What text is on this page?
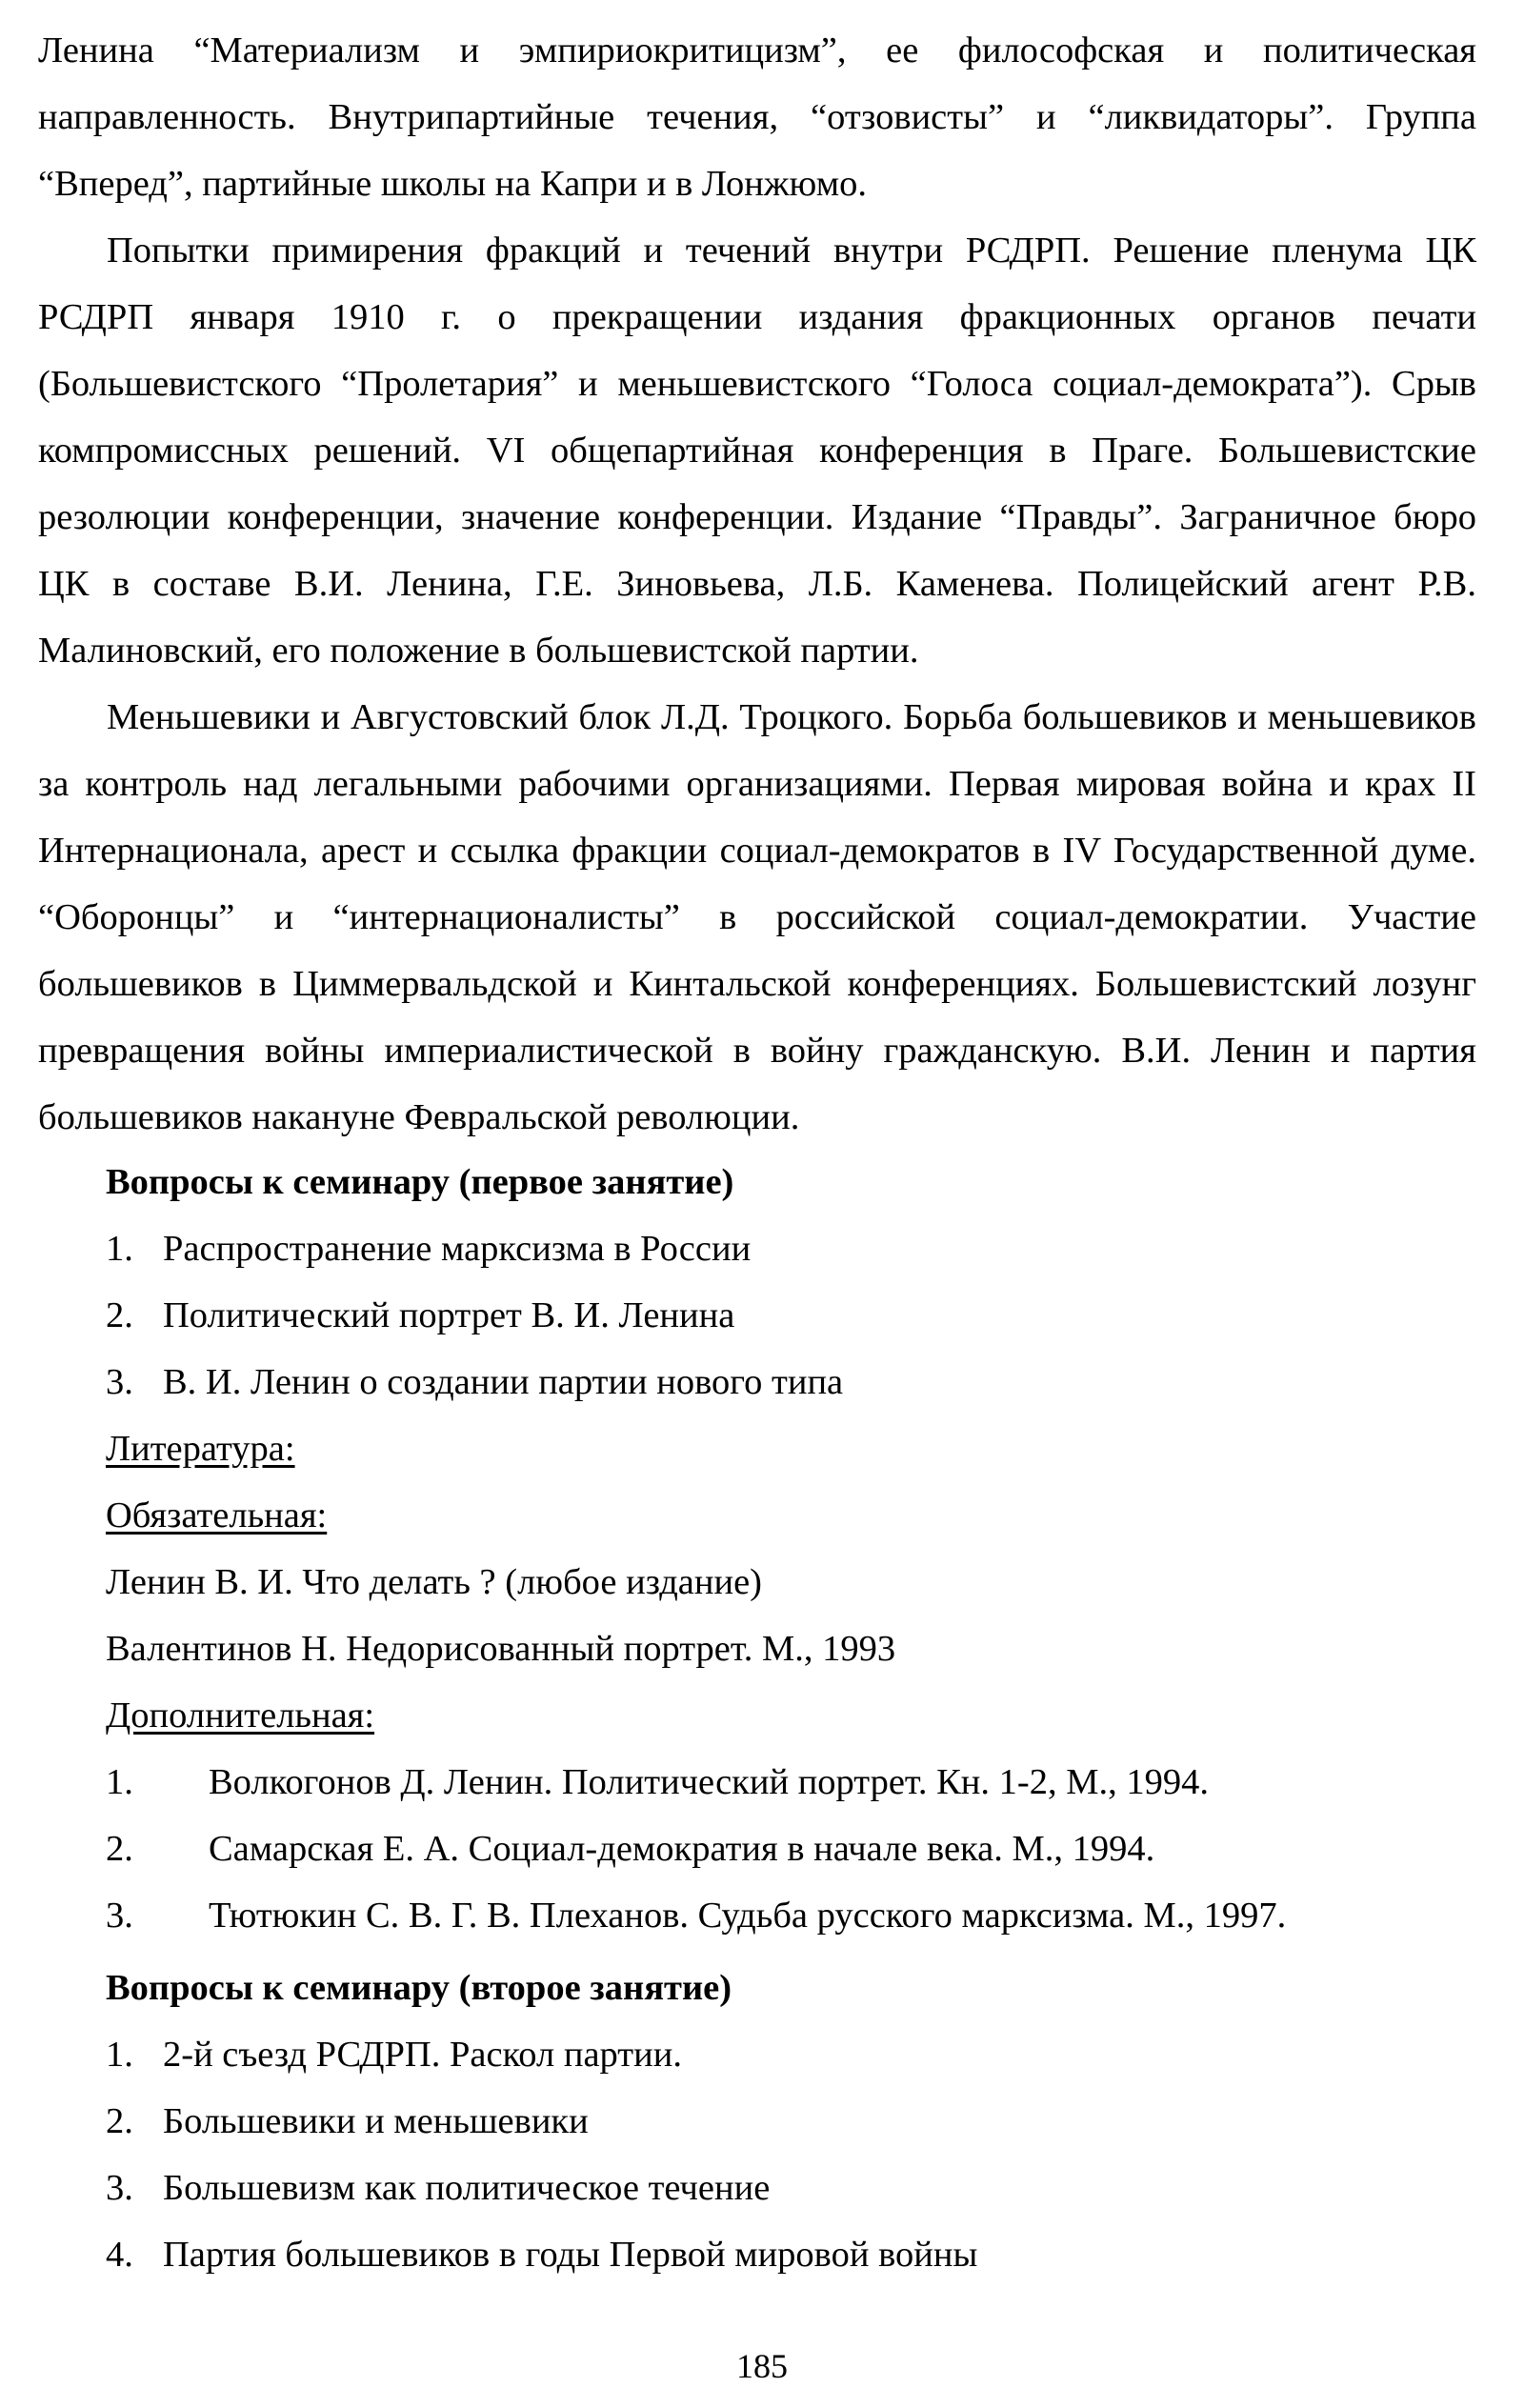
Ленина “Материализм и эмпириокритицизм”, ее философская и политическая направленность. Внутрипартийные течения, “отзовисты” и “ликвидаторы”. Группа “Вперед”, партийные школы на Капри и в Лонжюмо.

Попытки примирения фракций и течений внутри РСДРП. Решение пленума ЦК РСДРП января 1910 г. о прекращении издания фракционных органов печати (Большевистского “Пролетария” и меньшевистского “Голоса социал-демократа”). Срыв компромиссных решений. VI общепартийная конференция в Праге. Большевистские резолюции конференции, значение конференции. Издание “Правды”. Заграничное бюро ЦК в составе В.И. Ленина, Г.Е. Зиновьева, Л.Б. Каменева. Полицейский агент Р.В. Малиновский, его положение в большевистской партии.

Меньшевики и Августовский блок Л.Д. Троцкого. Борьба большевиков и меньшевиков за контроль над легальными рабочими организациями. Первая мировая война и крах II Интернационала, арест и ссылка фракции социал-демократов в IV Государственной думе. “Оборонцы” и “интернационалисты” в российской социал-демократии. Участие большевиков в Циммервальдской и Кинтальской конференциях. Большевистский лозунг превращения войны империалистической в войну гражданскую. В.И. Ленин и партия большевиков накануне Февральской революции.

Вопросы к семинару (первое занятие)
1. Распространение марксизма в России
2. Политический портрет В. И. Ленина
3. В. И. Ленин о создании партии нового типа
Литература:
Обязательная:
Ленин В. И. Что делать ? (любое издание)
Валентинов Н. Недорисованный портрет. М., 1993
Дополнительная:
1. Волкогонов Д. Ленин. Политический портрет. Кн. 1-2, М., 1994.
2. Самарская Е. А. Социал-демократия в начале века. М., 1994.
3. Тютюкин С. В. Г. В. Плеханов. Судьба русского марксизма. М., 1997.
Вопросы к семинару (второе занятие)
1. 2-й съезд РСДРП. Раскол партии.
2. Большевики и меньшевики
3. Большевизм как политическое течение
4. Партия большевиков в годы Первой мировой войны
185
